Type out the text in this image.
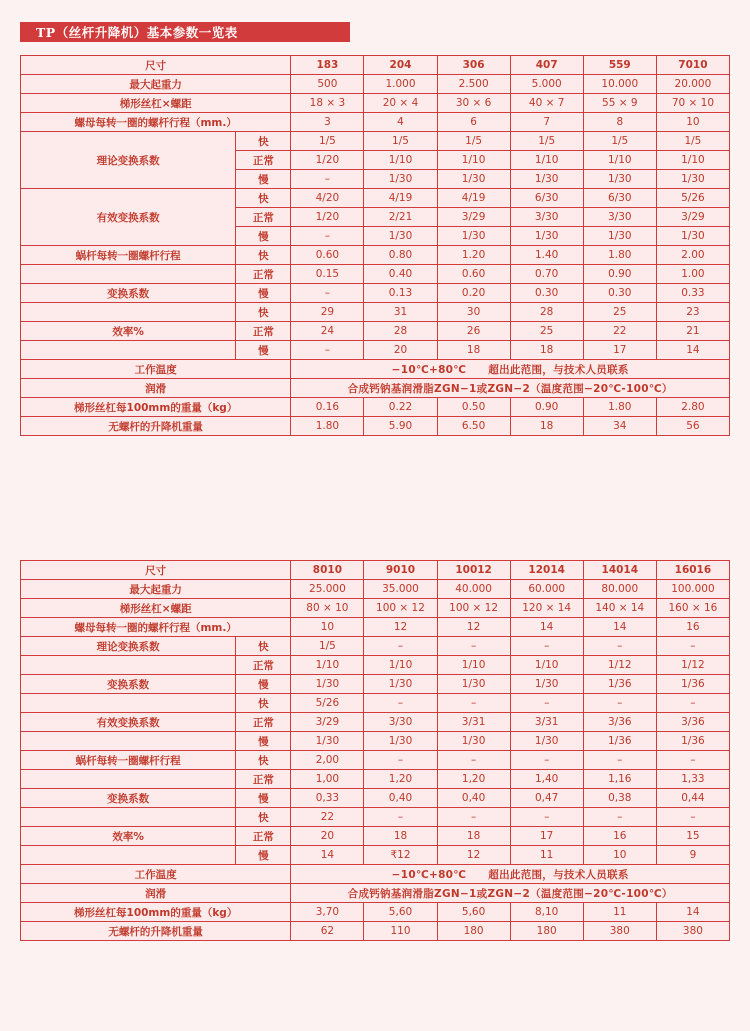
TP（丝杆升降机）基本参数一览表
尺寸		183	204	306	407	559	7010
最大起重力		500	1.000	2.500	5.000	10.000	20.000
梯形丝杠×螺距		18 × 3	20 × 4	30 × 6	40 × 7	55 × 9	70 × 10
螺母每转一圈的螺杆行程（mm.）		3	4	6	7	8	10
理论变换系数	快	1/5	1/5	1/5	1/5	1/5	1/5
	正常	1/20	1/10	1/10	1/10	1/10	1/10
	慢	–	1/30	1/30	1/30	1/30	1/30
有效变换系数	快	4/20	4/19	4/19	6/30	6/30	5/26
	正常	1/20	2/21	3/29	3/30	3/30	3/29
	慢	–	1/30	1/30	1/30	1/30	1/30
蜗杆每转一圈螺杆行程	快	0.60	0.80	1.20	1.40	1.80	2.00
	正常	0.15	0.40	0.60	0.70	0.90	1.00
变换系数	慢	–	0.13	0.20	0.30	0.30	0.33
	快	29	31	30	28	25	23
效率%	正常	24	28	26	25	22	21
	慢	–	20	18	18	17	14
工作温度		−10℃+80℃ 超出此范围，与技术人员联系					
润滑		合成钙钠基润滑脂ZGN−1或ZGN−2（温度范围−20℃-100℃）					
梯形丝杠每100mm的重量（kg）		0.16	0.22	0.50	0.90	1.80	2.80
无螺杆的升降机重量		1.80	5.90	6.50	18	34	56
尺寸		8010	9010	10012	12014	14014	16016
最大起重力		25.000	35.000	40.000	60.000	80.000	100.000
梯形丝杠×螺距		80 × 10	100 × 12	100 × 12	120 × 14	140 × 14	160 × 16
螺母每转一圈的螺杆行程（mm.）		10	12	12	14	14	16
理论变换系数	快	1/5	–	–	–	–	–
	正常	1/10	1/10	1/10	1/10	1/12	1/12
变换系数	慢	1/30	1/30	1/30	1/30	1/36	1/36
	快	5/26	–	–	–	–	–
有效变换系数	正常	3/29	3/30	3/31	3/31	3/36	3/36
	慢	1/30	1/30	1/30	1/30	1/36	1/36
蜗杆每转一圈螺杆行程	快	2,00	–	–	–	–	–
	正常	1,00	1,20	1,20	1,40	1,16	1,33
变换系数	慢	0,33	0,40	0,40	0,47	0,38	0,44
	快	22	–	–	–	–	–
效率%	正常	20	18	18	17	16	15
	慢	14	₹12	12	11	10	9
工作温度		−10℃+80℃ 超出此范围，与技术人员联系					
润滑		合成钙钠基润滑脂ZGN−1或ZGN−2（温度范围−20℃-100℃）					
梯形丝杠每100mm的重量（kg）		3,70	5,60	5,60	8,10	11	14
无螺杆的升降机重量		62	110	180	180	380	380
